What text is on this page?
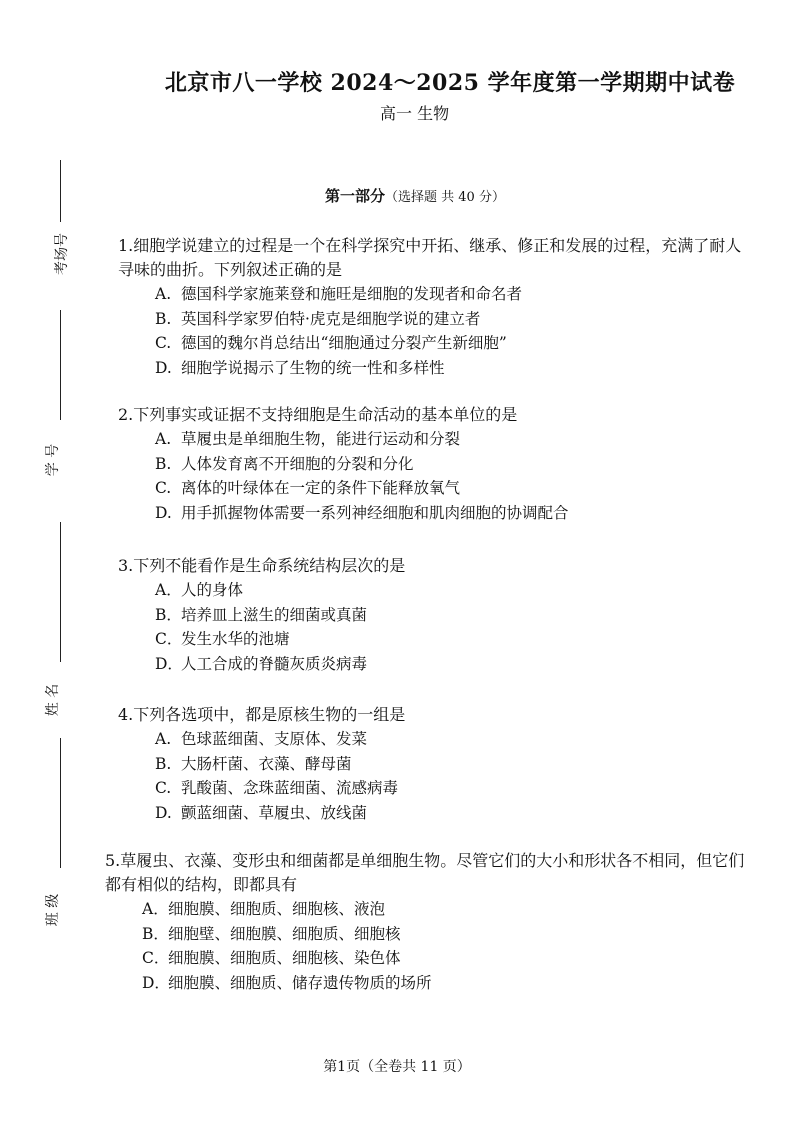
北京市八一学校 2024～2025 学年度第一学期期中试卷
高一 生物
考场号
学 号
姓 名
班 级
第一部分（选择题 共 40 分）

1.细胞学说建立的过程是一个在科学探究中开拓、继承、修正和发展的过程，充满了耐人寻味的曲折。下列叙述正确的是

A. 德国科学家施莱登和施旺是细胞的发现者和命名者
B. 英国科学家罗伯特·虎克是细胞学说的建立者
C. 德国的魏尔肖总结出“细胞通过分裂产生新细胞”
D. 细胞学说揭示了生物的统一性和多样性

2.下列事实或证据不支持细胞是生命活动的基本单位的是

A. 草履虫是单细胞生物，能进行运动和分裂
B. 人体发育离不开细胞的分裂和分化
C. 离体的叶绿体在一定的条件下能释放氧气
D. 用手抓握物体需要一系列神经细胞和肌肉细胞的协调配合

3.下列不能看作是生命系统结构层次的是

A．人的身体
B．培养皿上滋生的细菌或真菌
C．发生水华的池塘
D．人工合成的脊髓灰质炎病毒

4.下列各选项中，都是原核生物的一组是

A. 色球蓝细菌、支原体、发菜
B. 大肠杆菌、衣藻、酵母菌
C. 乳酸菌、念珠蓝细菌、流感病毒
D. 颤蓝细菌、草履虫、放线菌

5.草履虫、衣藻、变形虫和细菌都是单细胞生物。尽管它们的大小和形状各不相同，但它们都有相似的结构，即都具有

A．细胞膜、细胞质、细胞核、液泡
B．细胞壁、细胞膜、细胞质、细胞核
C．细胞膜、细胞质、细胞核、染色体
D．细胞膜、细胞质、储存遗传物质的场所
第1页（全卷共 11 页）
